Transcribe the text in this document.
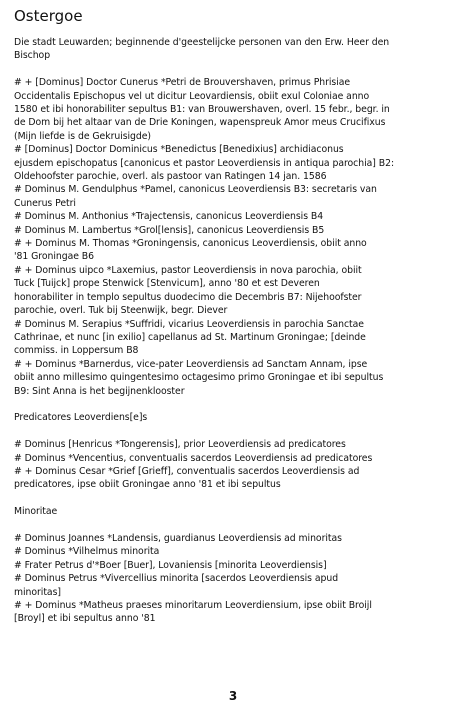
Ostergoe
Die stadt Leuwarden; beginnende d'geestelijcke personen van den Erw. Heer den
Bischop
# + [Dominus] Doctor Cunerus *Petri de Brouvershaven, primus Phrisiae
Occidentalis Epischopus vel ut dicitur Leovardiensis, obiit exul Coloniae anno
1580 et ibi honorabiliter sepultus B1: van Brouwershaven, overl. 15 febr., begr. in
de Dom bij het altaar van de Drie Koningen, wapenspreuk Amor meus Crucifixus
(Mijn liefde is de Gekruisigde)
# [Dominus] Doctor Dominicus *Benedictus [Benedixius] archidiaconus
ejusdem epischopatus [canonicus et pastor Leoverdiensis in antiqua parochia] B2:
Oldehoofster parochie, overl. als pastoor van Ratingen 14 jan. 1586
# Dominus M. Gendulphus *Pamel, canonicus Leoverdiensis B3: secretaris van
Cunerus Petri
# Dominus M. Anthonius *Trajectensis, canonicus Leoverdiensis B4
# Dominus M. Lambertus *Grol[lensis], canonicus Leoverdiensis B5
# + Dominus M. Thomas *Groningensis, canonicus Leoverdiensis, obiit anno
'81 Groningae B6
# + Dominus uipco *Laxemius, pastor Leoverdiensis in nova parochia, obiit
Tuck [Tuijck] prope Stenwick [Stenvicum], anno '80 et est Deveren
honorabiliter in templo sepultus duodecimo die Decembris B7: Nijehoofster
parochie, overl. Tuk bij Steenwijk, begr. Diever
# Dominus M. Serapius *Suffridi, vicarius Leoverdiensis in parochia Sanctae
Cathrinae, et nunc [in exilio] capellanus ad St. Martinum Groningae; [deinde
commiss. in Loppersum B8
# + Dominus *Barnerdus, vice-pater Leoverdiensis ad Sanctam Annam, ipse
obiit anno millesimo quingentesimo octagesimo primo Groningae et ibi sepultus
B9: Sint Anna is het begijnenklooster
Predicatores Leoverdiens[e]s
# Dominus [Henricus *Tongerensis], prior Leoverdiensis ad predicatores
# Dominus *Vencentius, conventualis sacerdos Leoverdiensis ad predicatores
# + Dominus Cesar *Grief [Grieff], conventualis sacerdos Leoverdiensis ad
predicatores, ipse obiit Groningae anno '81 et ibi sepultus
Minoritae
# Dominus Joannes *Landensis, guardianus Leoverdiensis ad minoritas
# Dominus *Vilhelmus minorita
# Frater Petrus d'*Boer [Buer], Lovaniensis [minorita Leoverdiensis]
# Dominus Petrus *Vivercellius minorita [sacerdos Leoverdiensis apud
minoritas]
# + Dominus *Matheus praeses minoritarum Leoverdiensium, ipse obiit Broijl
[Broyl] et ibi sepultus anno '81
3
